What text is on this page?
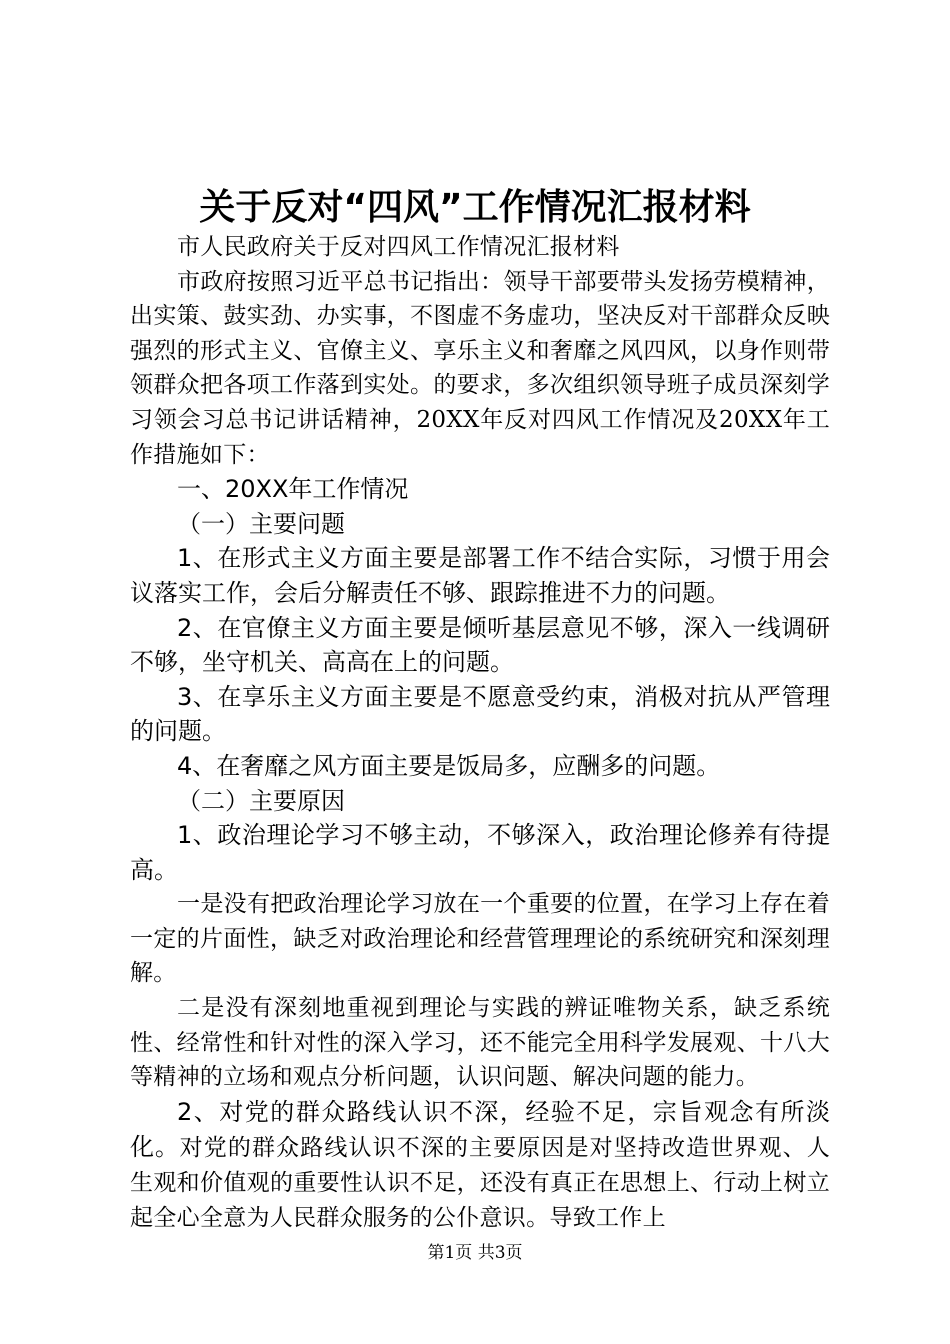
关于反对“四风”工作情况汇报材料

市人民政府关于反对四风工作情况汇报材料

市政府按照习近平总书记指出：领导干部要带头发扬劳模精神，出实策、鼓实劲、办实事，不图虚不务虚功，坚决反对干部群众反映强烈的形式主义、官僚主义、享乐主义和奢靡之风四风，以身作则带领群众把各项工作落到实处。的要求，多次组织领导班子成员深刻学习领会习总书记讲话精神，20XX年反对四风工作情况及20XX年工作措施如下：

一、20XX年工作情况

（一）主要问题

1、在形式主义方面主要是部署工作不结合实际，习惯于用会议落实工作，会后分解责任不够、跟踪推进不力的问题。

2、在官僚主义方面主要是倾听基层意见不够，深入一线调研不够，坐守机关、高高在上的问题。

3、在享乐主义方面主要是不愿意受约束，消极对抗从严管理的问题。

4、在奢靡之风方面主要是饭局多，应酬多的问题。

（二）主要原因

1、政治理论学习不够主动，不够深入，政治理论修养有待提高。

一是没有把政治理论学习放在一个重要的位置，在学习上存在着一定的片面性，缺乏对政治理论和经营管理理论的系统研究和深刻理解。

二是没有深刻地重视到理论与实践的辨证唯物关系，缺乏系统性、经常性和针对性的深入学习，还不能完全用科学发展观、十八大等精神的立场和观点分析问题，认识问题、解决问题的能力。

2、对党的群众路线认识不深，经验不足，宗旨观念有所淡化。对党的群众路线认识不深的主要原因是对坚持改造世界观、人生观和价值观的重要性认识不足，还没有真正在思想上、行动上树立起全心全意为人民群众服务的公仆意识。导致工作上

第1页 共3页
